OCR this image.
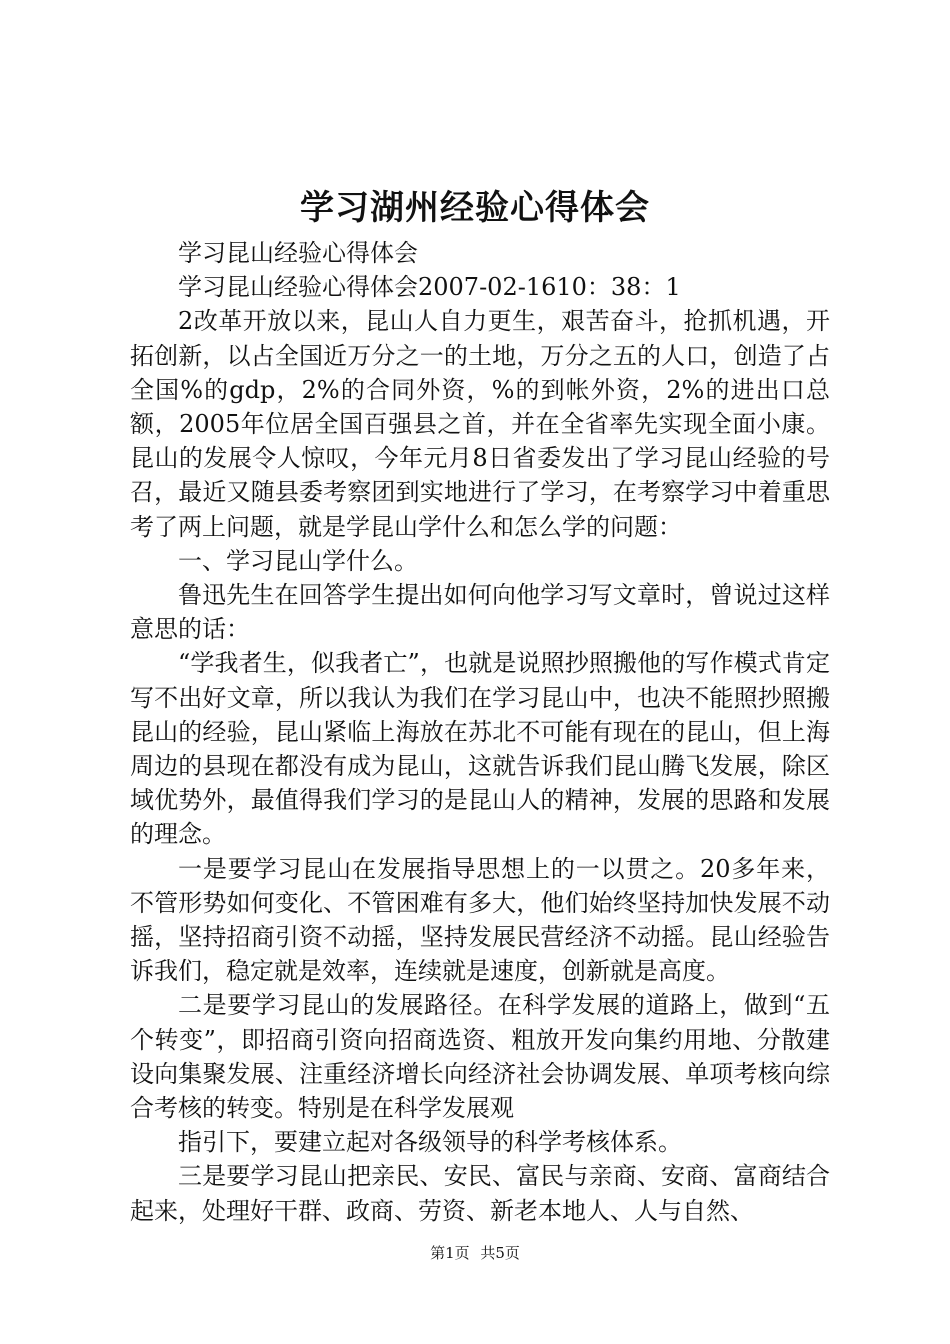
学习湖州经验心得体会

学习昆山经验心得体会

学习昆山经验心得体会2007-02-1610：38：1

2改革开放以来，昆山人自力更生，艰苦奋斗，抢抓机遇，开拓创新，以占全国近万分之一的土地，万分之五的人口，创造了占全国%的gdp，2%的合同外资，%的到帐外资，2%的进出口总额，2005年位居全国百强县之首，并在全省率先实现全面小康。昆山的发展令人惊叹，今年元月8日省委发出了学习昆山经验的号召，最近又随县委考察团到实地进行了学习，在考察学习中着重思考了两上问题，就是学昆山学什么和怎么学的问题：

一、学习昆山学什么。

鲁迅先生在回答学生提出如何向他学习写文章时，曾说过这样意思的话：

“学我者生，似我者亡”，也就是说照抄照搬他的写作模式肯定写不出好文章，所以我认为我们在学习昆山中，也决不能照抄照搬昆山的经验，昆山紧临上海放在苏北不可能有现在的昆山，但上海周边的县现在都没有成为昆山，这就告诉我们昆山腾飞发展，除区域优势外，最值得我们学习的是昆山人的精神，发展的思路和发展的理念。

一是要学习昆山在发展指导思想上的一以贯之。20多年来，不管形势如何变化、不管困难有多大，他们始终坚持加快发展不动摇，坚持招商引资不动摇，坚持发展民营经济不动摇。昆山经验告诉我们，稳定就是效率，连续就是速度，创新就是高度。

二是要学习昆山的发展路径。在科学发展的道路上，做到“五个转变”，即招商引资向招商选资、粗放开发向集约用地、分散建设向集聚发展、注重经济增长向经济社会协调发展、单项考核向综合考核的转变。特别是在科学发展观

指引下，要建立起对各级领导的科学考核体系。

三是要学习昆山把亲民、安民、富民与亲商、安商、富商结合起来，处理好干群、政商、劳资、新老本地人、人与自然、

第1页 共5页
